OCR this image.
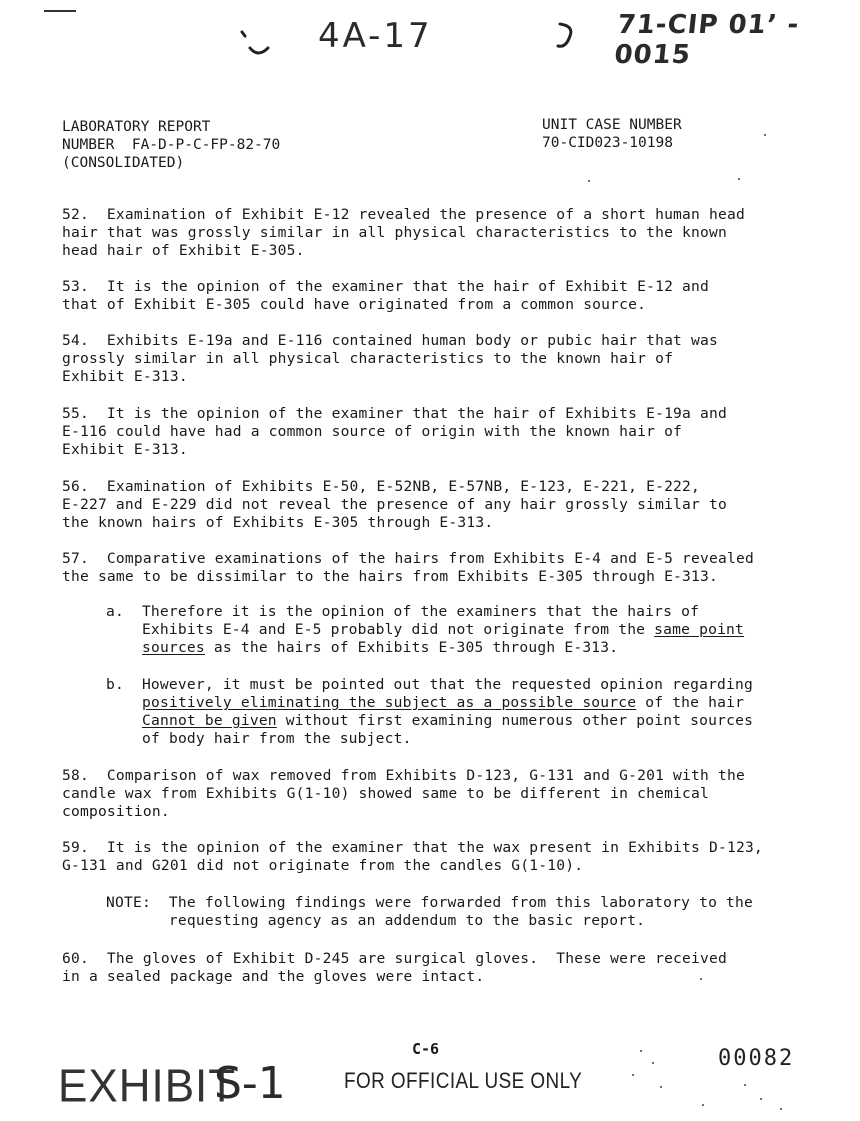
4A-17	71-CIP 01’ - 0015
LABORATORY REPORT
NUMBER  FA-D-P-C-FP-82-70
(CONSOLIDATED)
UNIT CASE NUMBER
70-CID023-10198
52.  Examination of Exhibit E-12 revealed the presence of a short human head
hair that was grossly similar in all physical characteristics to the known
head hair of Exhibit E-305.
53.  It is the opinion of the examiner that the hair of Exhibit E-12 and
that of Exhibit E-305 could have originated from a common source.
54.  Exhibits E-19a and E-116 contained human body or pubic hair that was
grossly similar in all physical characteristics to the known hair of
Exhibit E-313.
55.  It is the opinion of the examiner that the hair of Exhibits E-19a and
E-116 could have had a common source of origin with the known hair of
Exhibit E-313.
56.  Examination of Exhibits E-50, E-52NB, E-57NB, E-123, E-221, E-222,
E-227 and E-229 did not reveal the presence of any hair grossly similar to
the known hairs of Exhibits E-305 through E-313.
57.  Comparative examinations of the hairs from Exhibits E-4 and E-5 revealed
the same to be dissimilar to the hairs from Exhibits E-305 through E-313.
a.  Therefore it is the opinion of the examiners that the hairs of
Exhibits E-4 and E-5 probably did not originate from the same point
sources as the hairs of Exhibits E-305 through E-313.
b.  However, it must be pointed out that the requested opinion regarding
positively eliminating the subject as a possible source of the hair
Cannot be given without first examining numerous other point sources
of body hair from the subject.
58.  Comparison of wax removed from Exhibits D-123, G-131 and G-201 with the
candle wax from Exhibits G(1-10) showed same to be different in chemical
composition.
59.  It is the opinion of the examiner that the wax present in Exhibits D-123,
G-131 and G201 did not originate from the candles G(1-10).
NOTE:  The following findings were forwarded from this laboratory to the
requesting agency as an addendum to the basic report.
60.  The gloves of Exhibit D-245 are surgical gloves.  These were received
in a sealed package and the gloves were intact.
C-6
EXHIBIT
S-1	FOR OFFICIAL USE ONLY
00082
